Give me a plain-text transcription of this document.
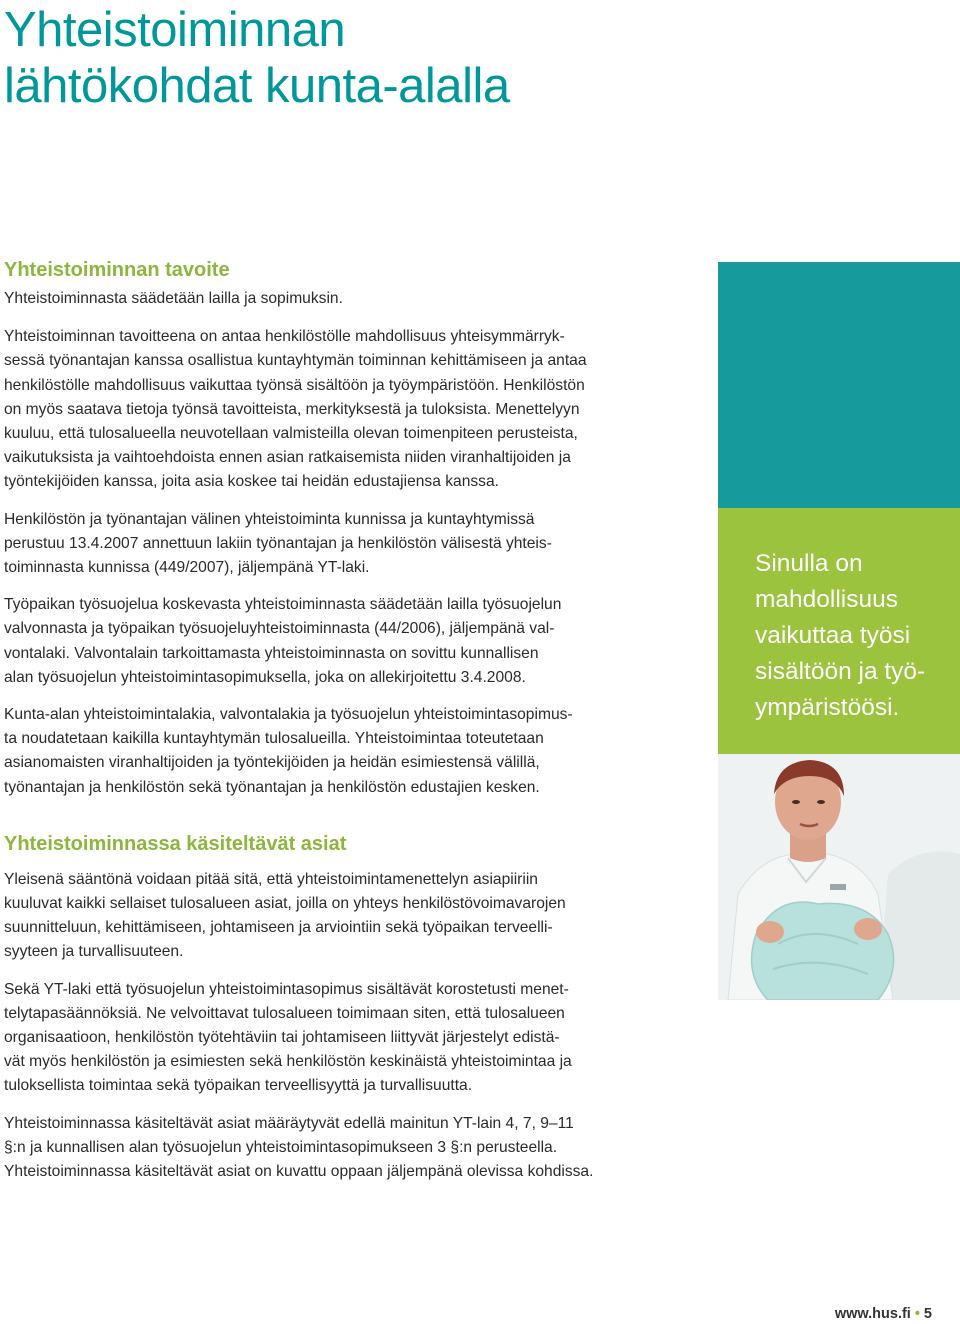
Yhteistoiminnan
lähtökohdat kunta-alalla
Yhteistoiminnan tavoite

Yhteistoiminnasta säädetään lailla ja sopimuksin.

Yhteistoiminnan tavoitteena on antaa henkilöstölle mahdollisuus yhteisymmärryk-
sessä työnantajan kanssa osallistua kuntayhtymän toiminnan kehittämiseen ja antaa
henkilöstölle mahdollisuus vaikuttaa työnsä sisältöön ja työympäristöön. Henkilöstön
on myös saatava tietoja työnsä tavoitteista, merkityksestä ja tuloksista. Menettelyyn
kuuluu, että tulosalueella neuvotellaan valmisteilla olevan toimenpiteen perusteista,
vaikutuksista ja vaihtoehdoista ennen asian ratkaisemista niiden viranhaltijoiden ja
työntekijöiden kanssa, joita asia koskee tai heidän edustajiensa kanssa.

Henkilöstön ja työnantajan välinen yhteistoiminta kunnissa ja kuntayhtymissä
perustuu 13.4.2007 annettuun lakiin työnantajan ja henkilöstön välisestä yhteis-
toiminnasta kunnissa (449/2007), jäljempänä YT-laki.

Työpaikan työsuojelua koskevasta yhteistoiminnasta säädetään lailla työsuojelun
valvonnasta ja työpaikan työsuojeluyhteistoiminnasta (44/2006), jäljempänä val-
vontalaki. Valvontalain tarkoittamasta yhteistoiminnasta on sovittu kunnallisen
alan työsuojelun yhteistoimintasopimuksella, joka on allekirjoitettu 3.4.2008.

Kunta-alan yhteistoimintalakia, valvontalakia ja työsuojelun yhteistoimintasopimus-
ta noudatetaan kaikilla kuntayhtymän tulosalueilla. Yhteistoimintaa toteutetaan
asianomaisten viranhaltijoiden ja työntekijöiden ja heidän esimiestensä välillä,
työnantajan ja henkilöstön sekä työnantajan ja henkilöstön edustajien kesken.

Yhteistoiminnassa käsiteltävät asiat

Yleisenä sääntönä voidaan pitää sitä, että yhteistoimintamenettelyn asiapiiriin
kuuluvat kaikki sellaiset tulosalueen asiat, joilla on yhteys henkilöstövoimavarojen
suunnitteluun, kehittämiseen, johtamiseen ja arviointiin sekä työpaikan terveelli-
syyteen ja turvallisuuteen.

Sekä YT-laki että työsuojelun yhteistoimintasopimus sisältävät korostetusti menet-
telytapasäännöksiä. Ne velvoittavat tulosalueen toimimaan siten, että tulosalueen
organisaatioon, henkilöstön työtehtäviin tai johtamiseen liittyvät järjestelyt edistä-
vät myös henkilöstön ja esimiesten sekä henkilöstön keskinäistä yhteistoimintaa ja
tuloksellista toimintaa sekä työpaikan terveellisyyttä ja turvallisuutta.

Yhteistoiminnassa käsiteltävät asiat määräytyvät edellä mainitun YT-lain 4, 7, 9–11
§:n ja kunnallisen alan työsuojelun yhteistoimintasopimukseen 3 §:n perusteella.
Yhteistoiminnassa käsiteltävät asiat on kuvattu oppaan jäljempänä olevissa kohdissa.

Sinulla on
mahdollisuus
vaikuttaa työsi
sisältöön ja työ-
ympäristöösi.

www.hus.fi • 5
